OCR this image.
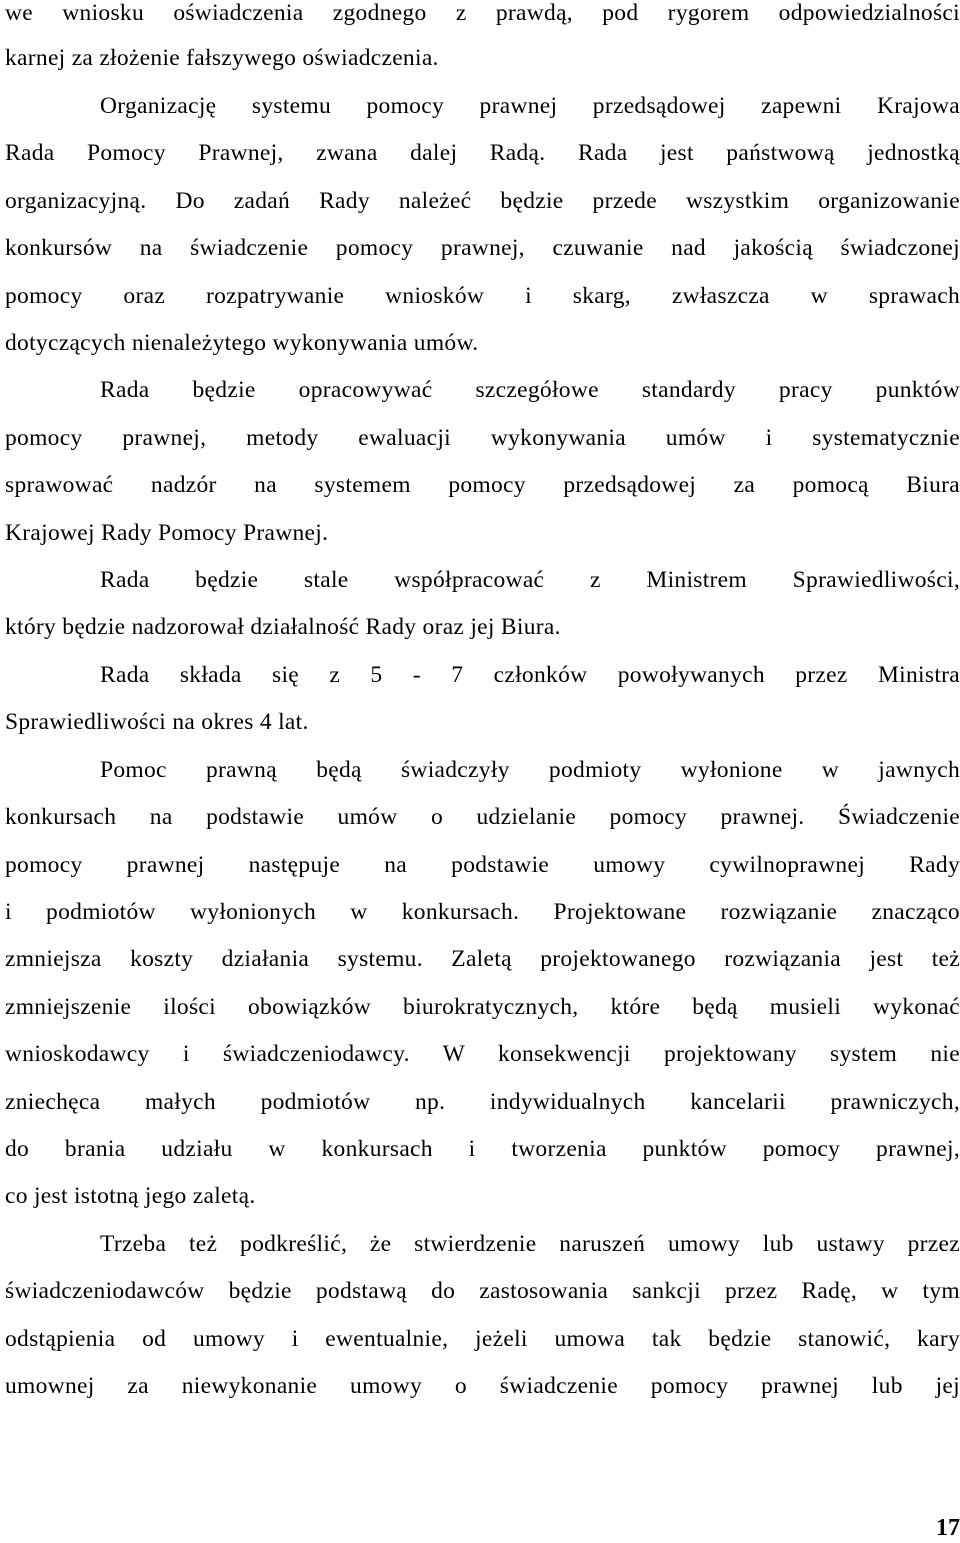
we wniosku oświadczenia zgodnego z prawdą, pod rygorem odpowiedzialności
karnej za złożenie fałszywego oświadczenia.
Organizację systemu pomocy prawnej przedsądowej zapewni Krajowa
Rada Pomocy Prawnej, zwana dalej Radą. Rada jest państwową jednostką
organizacyjną. Do zadań Rady należeć będzie przede wszystkim organizowanie
konkursów na świadczenie pomocy prawnej, czuwanie nad jakością świadczonej
pomocy oraz rozpatrywanie wniosków i skarg, zwłaszcza w sprawach
dotyczących nienależytego wykonywania umów.
Rada będzie opracowywać szczegółowe standardy pracy punktów
pomocy prawnej, metody ewaluacji wykonywania umów i systematycznie
sprawować nadzór na systemem pomocy przedsądowej za pomocą Biura
Krajowej Rady Pomocy Prawnej.
Rada będzie stale współpracować z Ministrem Sprawiedliwości,
który będzie nadzorował działalność Rady oraz jej Biura.
Rada składa się z 5 - 7 członków powoływanych przez Ministra
Sprawiedliwości na okres 4 lat.
Pomoc prawną będą świadczyły podmioty wyłonione w jawnych
konkursach na podstawie umów o udzielanie pomocy prawnej. Świadczenie
pomocy prawnej następuje na podstawie umowy cywilnoprawnej Rady
i podmiotów wyłonionych w konkursach. Projektowane rozwiązanie znacząco
zmniejsza koszty działania systemu. Zaletą projektowanego rozwiązania jest też
zmniejszenie ilości obowiązków biurokratycznych, które będą musieli wykonać
wnioskodawcy i świadczeniodawcy. W konsekwencji projektowany system nie
zniechęca małych podmiotów np. indywidualnych kancelarii prawniczych,
do brania udziału w konkursach i tworzenia punktów pomocy prawnej,
co jest istotną jego zaletą.
Trzeba też podkreślić, że stwierdzenie naruszeń umowy lub ustawy przez
świadczeniodawców będzie podstawą do zastosowania sankcji przez Radę, w tym
odstąpienia od umowy i ewentualnie, jeżeli umowa tak będzie stanowić, kary
umownej za niewykonanie umowy o świadczenie pomocy prawnej lub jej
17
